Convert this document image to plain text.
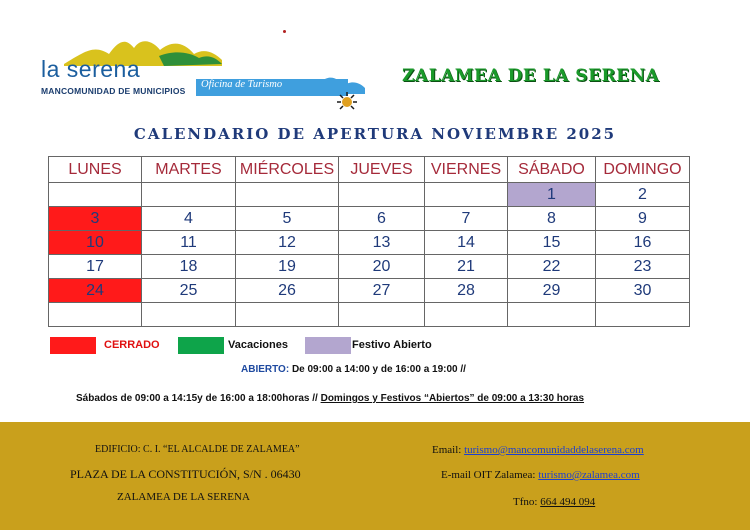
la serena
MANCOMUNIDAD DE MUNICIPIOS
Oficina de Turismo	ZALAMEA DE LA SERENA
CALENDARIO DE APERTURA NOVIEMBRE 2025
LUNES	MARTES	MIÉRCOLES	JUEVES	VIERNES	SÁBADO	DOMINGO
					1	2
3	4	5	6	7	8	9
10	11	12	13	14	15	16
17	18	19	20	21	22	23
24	25	26	27	28	29	30

CERRADO	Vacaciones	Festivo Abierto
ABIERTO: De 09:00 a 14:00 y de 16:00 a 19:00 //
Sábados de 09:00 a 14:15y de 16:00 a 18:00horas // Domingos y Festivos “Abiertos” de 09:00 a 13:30 horas
EDIFICIO: C. I. “EL ALCALDE DE ZALAMEA”
PLAZA DE LA CONSTITUCIÓN, S/N . 06430
ZALAMEA DE LA SERENA
Email: turismo@mancomunidaddelaserena.com
E-mail OIT Zalamea: turismo@zalamea.com
Tfno: 664 494 094
